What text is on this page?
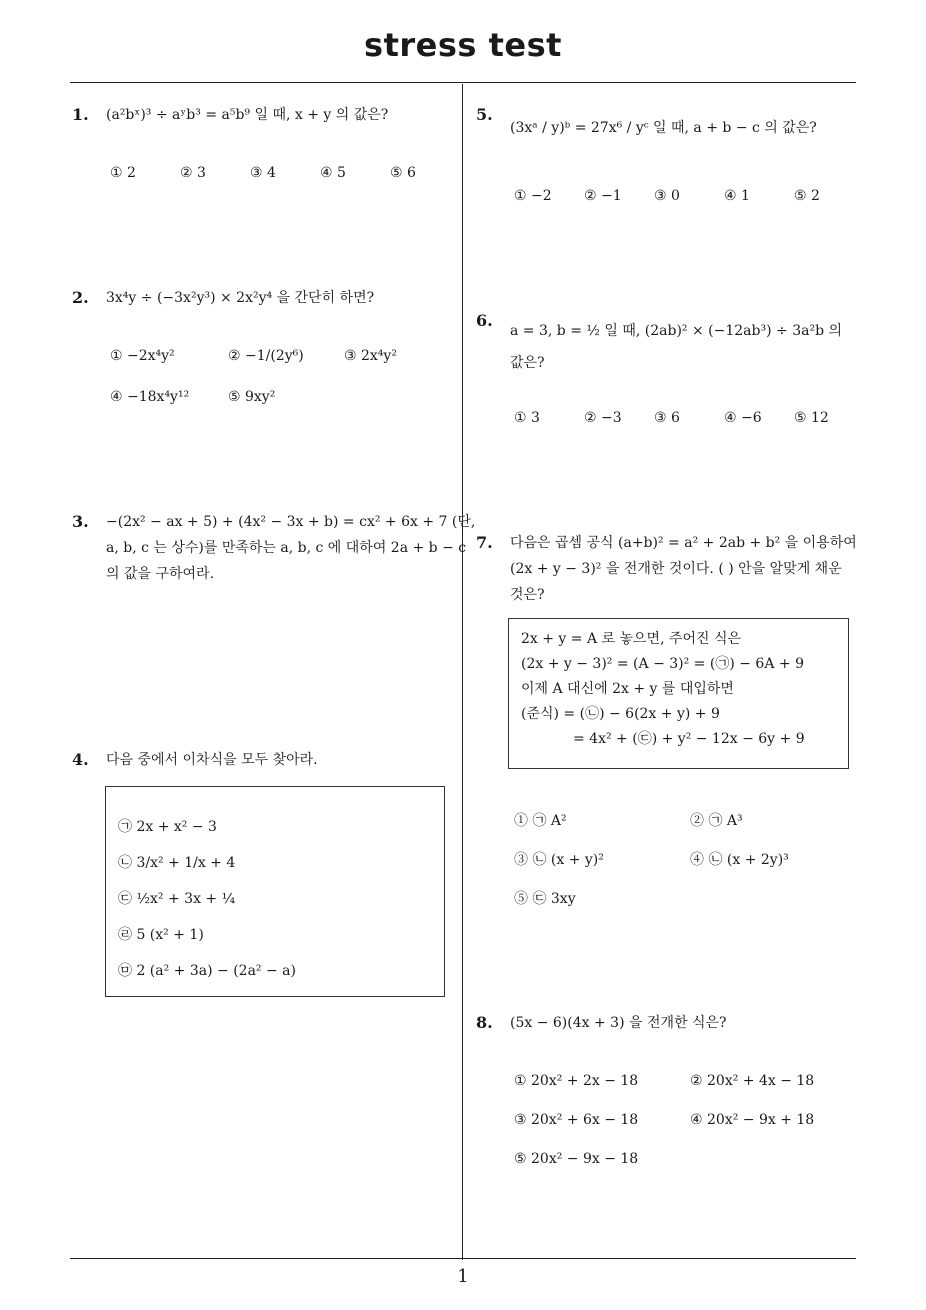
stress test
1
1. (a²bˣ)³ ÷ aʸb³ = a⁵b⁹ 일 때, x + y 의 값은?
① 2	② 3	③ 4	④ 5	⑤ 6
2. 3x⁴y ÷ (−3x²y³) × 2x²y⁴ 을 간단히 하면?
① −2x⁴y²	② −1/(2y⁶)	③ 2x⁴y²
④ −18x⁴y¹²	⑤ 9xy²
3. −(2x² − ax + 5) + (4x² − 3x + b) = cx² + 6x + 7 (단,
a, b, c 는 상수)를 만족하는 a, b, c 에 대하여 2a + b − c
의 값을 구하여라.
4. 다음 중에서 이차식을 모두 찾아라.
㉠ 2x + x² − 3
㉡ 3/x² + 1/x + 4
㉢ ½x² + 3x + ¼
㉣ 5 (x² + 1)
㉤ 2 (a² + 3a) − (2a² − a)
5.
(3xᵃ / y)ᵇ = 27x⁶ / yᶜ 일 때, a + b − c 의 값은?
① −2 ② −1 ③ 0	④ 1	⑤ 2
6.
a = 3, b = ½ 일 때, (2ab)² × (−12ab³) ÷ 3a²b 의
값은?
① 3	② −3 ③ 6	④ −6 ⑤ 12
7. 다음은 곱셈 공식 (a+b)² = a² + 2ab + b² 을 이용하여
(2x + y − 3)² 을 전개한 것이다. ( ) 안을 알맞게 채운
것은?
2x + y = A 로 놓으면, 주어진 식은
(2x + y − 3)² = (A − 3)² = (㉠) − 6A + 9
이제 A 대신에 2x + y 를 대입하면
(준식) = (㉡) − 6(2x + y) + 9
= 4x² + (㉢) + y² − 12x − 6y + 9
① ㉠ A²	② ㉠ A³
③ ㉡ (x + y)²	④ ㉡ (x + 2y)³
⑤ ㉢ 3xy
8. (5x − 6)(4x + 3) 을 전개한 식은?
① 20x² + 2x − 18	② 20x² + 4x − 18
③ 20x² + 6x − 18	④ 20x² − 9x + 18
⑤ 20x² − 9x − 18
